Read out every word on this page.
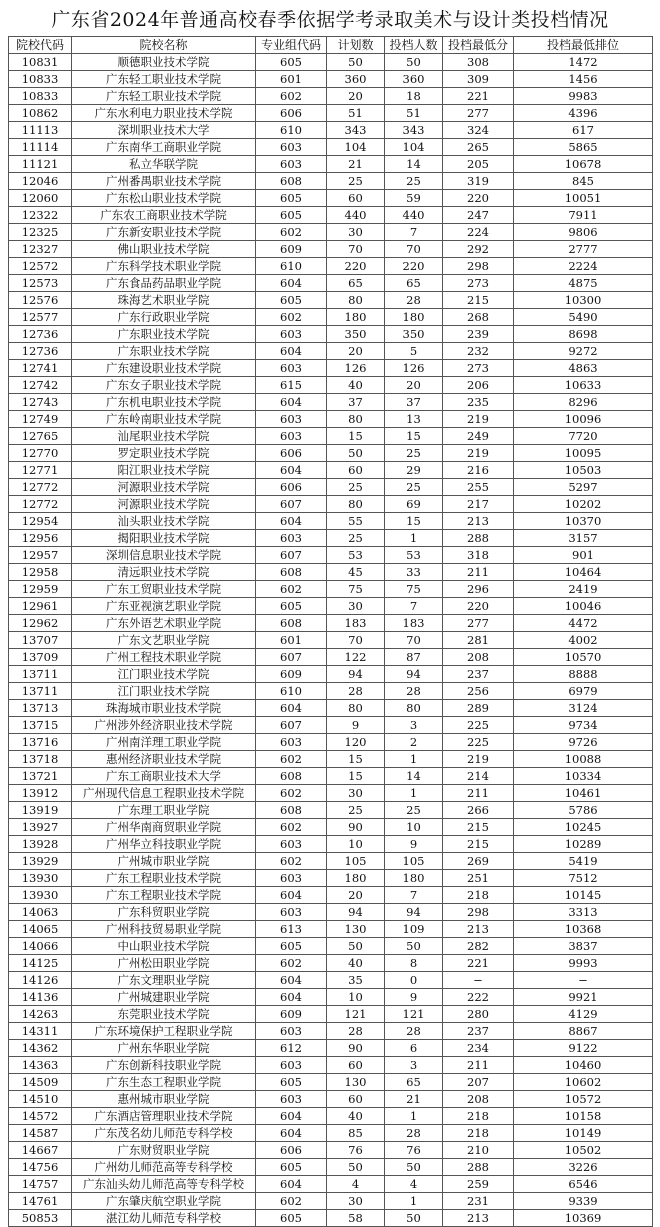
广东省2024年普通高校春季依据学考录取美术与设计类投档情况
院校代码	院校名称	专业组代码	计划数	投档人数	投档最低分	投档最低排位
10831	顺德职业技术学院	605	50	50	308	1472
10833	广东轻工职业技术学院	601	360	360	309	1456
10833	广东轻工职业技术学院	602	20	18	221	9983
10862	广东水利电力职业技术学院	606	51	51	277	4396
11113	深圳职业技术大学	610	343	343	324	617
11114	广东南华工商职业学院	603	104	104	265	5865
11121	私立华联学院	603	21	14	205	10678
12046	广州番禺职业技术学院	608	25	25	319	845
12060	广东松山职业技术学院	605	60	59	220	10051
12322	广东农工商职业技术学院	605	440	440	247	7911
12325	广东新安职业技术学院	602	30	7	224	9806
12327	佛山职业技术学院	609	70	70	292	2777
12572	广东科学技术职业学院	610	220	220	298	2224
12573	广东食品药品职业学院	604	65	65	273	4875
12576	珠海艺术职业学院	605	80	28	215	10300
12577	广东行政职业学院	602	180	180	268	5490
12736	广东职业技术学院	603	350	350	239	8698
12736	广东职业技术学院	604	20	5	232	9272
12741	广东建设职业技术学院	603	126	126	273	4863
12742	广东女子职业技术学院	615	40	20	206	10633
12743	广东机电职业技术学院	604	37	37	235	8296
12749	广东岭南职业技术学院	603	80	13	219	10096
12765	汕尾职业技术学院	603	15	15	249	7720
12770	罗定职业技术学院	606	50	25	219	10095
12771	阳江职业技术学院	604	60	29	216	10503
12772	河源职业技术学院	606	25	25	255	5297
12772	河源职业技术学院	607	80	69	217	10202
12954	汕头职业技术学院	604	55	15	213	10370
12956	揭阳职业技术学院	603	25	1	288	3157
12957	深圳信息职业技术学院	607	53	53	318	901
12958	清远职业技术学院	608	45	33	211	10464
12959	广东工贸职业技术学院	602	75	75	296	2419
12961	广东亚视演艺职业学院	605	30	7	220	10046
12962	广东外语艺术职业学院	608	183	183	277	4472
13707	广东文艺职业学院	601	70	70	281	4002
13709	广州工程技术职业学院	607	122	87	208	10570
13711	江门职业技术学院	609	94	94	237	8888
13711	江门职业技术学院	610	28	28	256	6979
13713	珠海城市职业技术学院	604	80	80	289	3124
13715	广州涉外经济职业技术学院	607	9	3	225	9734
13716	广州南洋理工职业学院	603	120	2	225	9726
13718	惠州经济职业技术学院	602	15	1	219	10088
13721	广东工商职业技术大学	608	15	14	214	10334
13912	广州现代信息工程职业技术学院	602	30	1	211	10461
13919	广东理工职业学院	608	25	25	266	5786
13927	广州华南商贸职业学院	602	90	10	215	10245
13928	广州华立科技职业学院	603	10	9	215	10289
13929	广州城市职业学院	602	105	105	269	5419
13930	广东工程职业技术学院	603	180	180	251	7512
13930	广东工程职业技术学院	604	20	7	218	10145
14063	广东科贸职业学院	603	94	94	298	3313
14065	广州科技贸易职业学院	613	130	109	213	10368
14066	中山职业技术学院	605	50	50	282	3837
14125	广州松田职业学院	602	40	8	221	9993
14126	广东文理职业学院	604	35	0	−	−
14136	广州城建职业学院	604	10	9	222	9921
14263	东莞职业技术学院	609	121	121	280	4129
14311	广东环境保护工程职业学院	603	28	28	237	8867
14362	广州东华职业学院	612	90	6	234	9122
14363	广东创新科技职业学院	603	60	3	211	10460
14509	广东生态工程职业学院	605	130	65	207	10602
14510	惠州城市职业学院	603	60	21	208	10572
14572	广东酒店管理职业技术学院	604	40	1	218	10158
14587	广东茂名幼儿师范专科学校	604	85	28	218	10149
14667	广东财贸职业学院	606	76	76	210	10502
14756	广州幼儿师范高等专科学校	605	50	50	288	3226
14757	广东汕头幼儿师范高等专科学校	604	4	4	259	6546
14761	广东肇庆航空职业学院	602	30	1	231	9339
50853	湛江幼儿师范专科学校	605	58	50	213	10369
